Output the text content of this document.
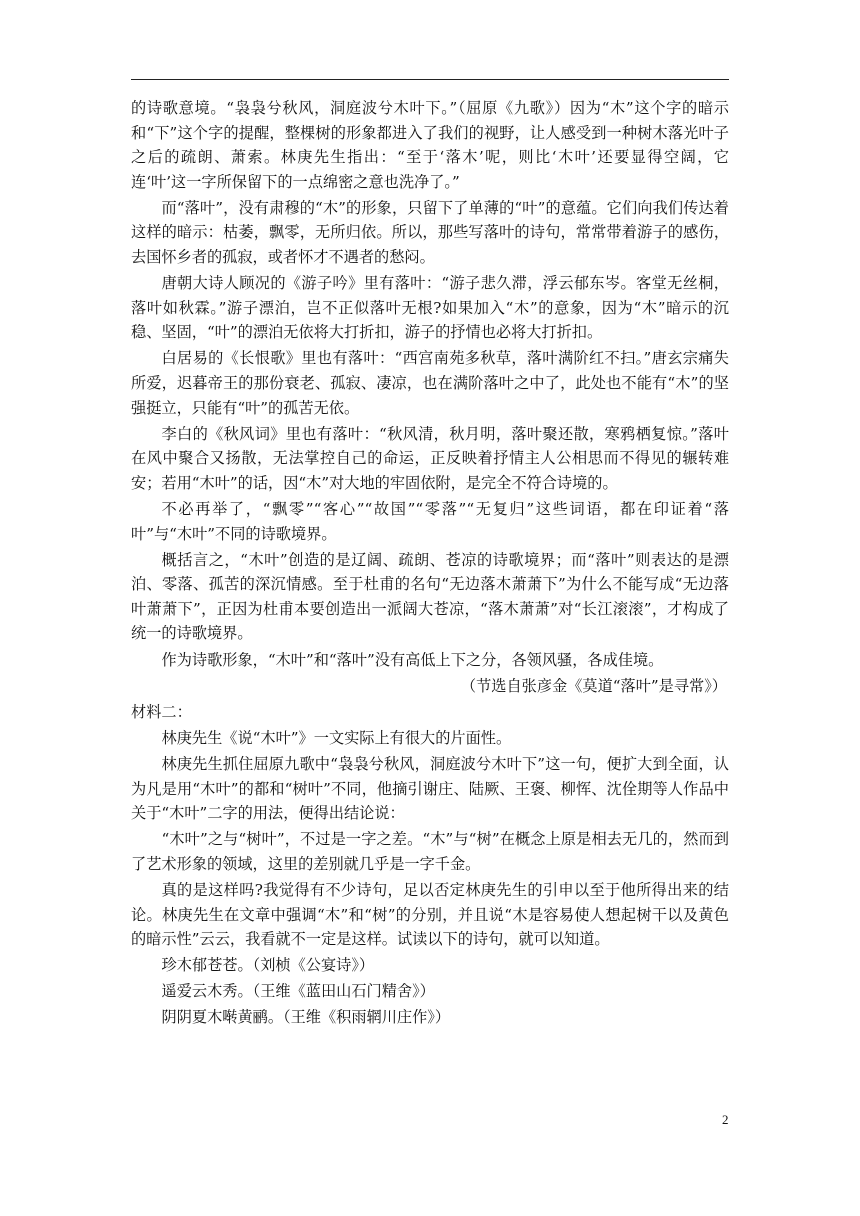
的诗歌意境。“袅袅兮秋风，洞庭波兮木叶下。”（屈原《九歌》）因为“木”这个字的暗示和“下”这个字的提醒，整棵树的形象都进入了我们的视野，让人感受到一种树木落光叶子之后的疏朗、萧索。林庚先生指出：“至于‘落木’呢，则比‘木叶’还要显得空阔，它连‘叶’这一字所保留下的一点绵密之意也洗净了。”

而“落叶”，没有肃穆的“木”的形象，只留下了单薄的“叶”的意蕴。它们向我们传达着这样的暗示：枯萎，飘零，无所归依。所以，那些写落叶的诗句，常常带着游子的感伤，去国怀乡者的孤寂，或者怀才不遇者的愁闷。

唐朝大诗人顾况的《游子吟》里有落叶：“游子悲久滞，浮云郁东岑。客堂无丝桐，落叶如秋霖。”游子漂泊，岂不正似落叶无根?如果加入“木”的意象，因为“木”暗示的沉稳、坚固，“叶”的漂泊无依将大打折扣，游子的抒情也必将大打折扣。

白居易的《长恨歌》里也有落叶：“西宫南苑多秋草，落叶满阶红不扫。”唐玄宗痛失所爱，迟暮帝王的那份衰老、孤寂、凄凉，也在满阶落叶之中了，此处也不能有“木”的坚强挺立，只能有“叶”的孤苦无依。

李白的《秋风词》里也有落叶：“秋风清，秋月明，落叶聚还散，寒鸦栖复惊。”落叶在风中聚合又扬散，无法掌控自己的命运，正反映着抒情主人公相思而不得见的辗转难安；若用“木叶”的话，因“木”对大地的牢固依附，是完全不符合诗境的。

不必再举了，“飘零”“客心”“故国”“零落”“无复归”这些词语，都在印证着“落叶”与“木叶”不同的诗歌境界。

概括言之，“木叶”创造的是辽阔、疏朗、苍凉的诗歌境界；而“落叶”则表达的是漂泊、零落、孤苦的深沉情感。至于杜甫的名句“无边落木萧萧下”为什么不能写成“无边落叶萧萧下”，正因为杜甫本要创造出一派阔大苍凉，“落木萧萧”对“长江滚滚”，才构成了统一的诗歌境界。

作为诗歌形象，“木叶”和“落叶”没有高低上下之分，各领风骚，各成佳境。

（节选自张彦金《莫道“落叶”是寻常》）

材料二：

林庚先生《说“木叶”》一文实际上有很大的片面性。

林庚先生抓住屈原九歌中“袅袅兮秋风，洞庭波兮木叶下”这一句，便扩大到全面，认为凡是用“木叶”的都和“树叶”不同，他摘引谢庄、陆厥、王褒、柳恽、沈佺期等人作品中关于“木叶”二字的用法，便得出结论说：

“木叶”之与“树叶”，不过是一字之差。“木”与“树”在概念上原是相去无几的，然而到了艺术形象的领域，这里的差别就几乎是一字千金。

真的是这样吗?我觉得有不少诗句，足以否定林庚先生的引申以至于他所得出来的结论。林庚先生在文章中强调“木”和“树”的分别，并且说“木是容易使人想起树干以及黄色的暗示性”云云，我看就不一定是这样。试读以下的诗句，就可以知道。

珍木郁苍苍。（刘桢《公宴诗》）

遥爱云木秀。（王维《蓝田山石门精舍》）

阴阴夏木啭黄鹂。（王维《积雨辋川庄作》）

2
